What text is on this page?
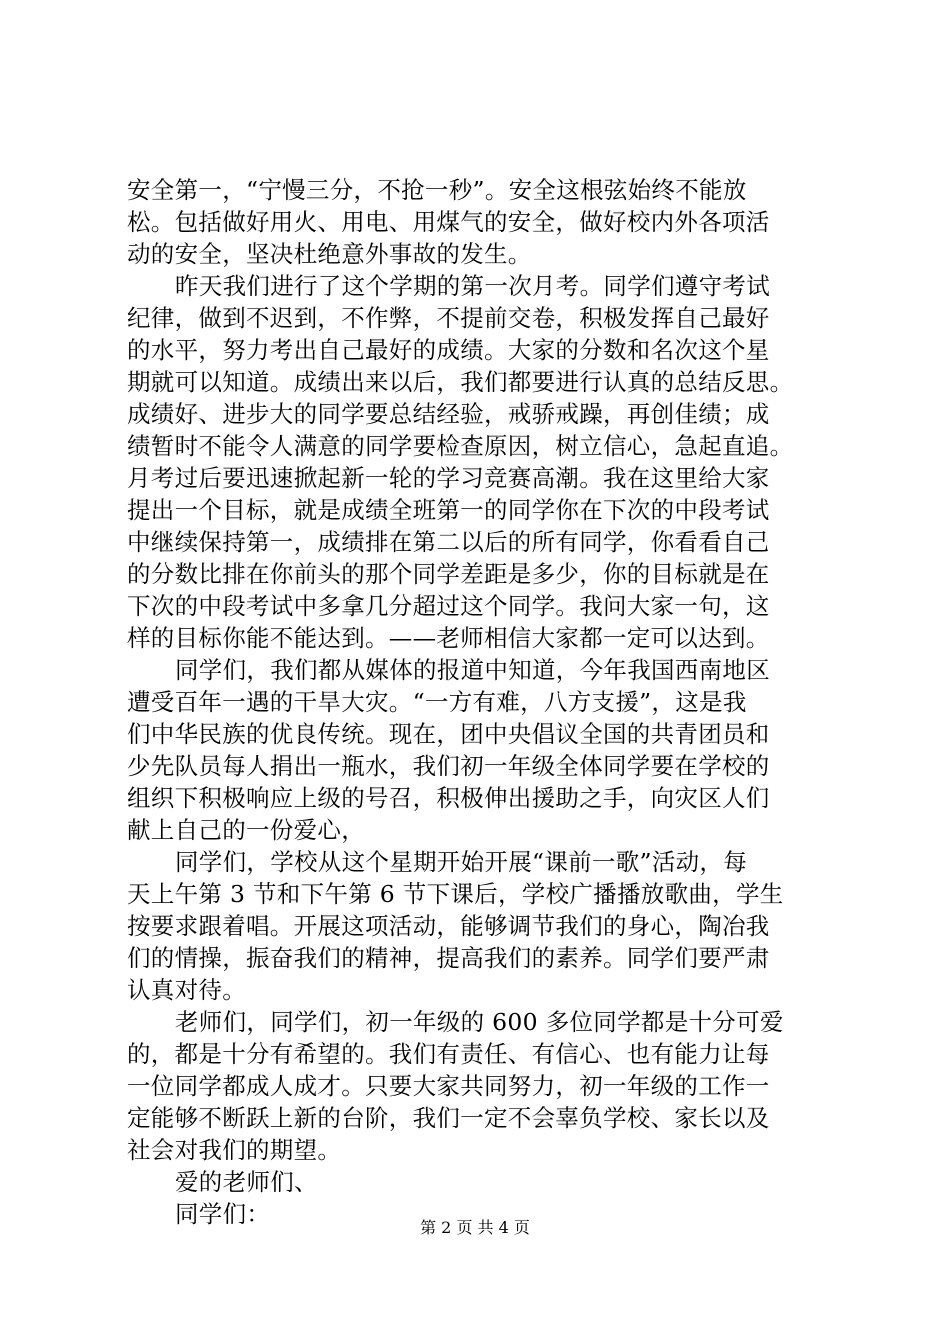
安全第一，“宁慢三分，不抢一秒”。安全这根弦始终不能放
松。包括做好用火、用电、用煤气的安全，做好校内外各项活
动的安全，坚决杜绝意外事故的发生。
昨天我们进行了这个学期的第一次月考。同学们遵守考试
纪律，做到不迟到，不作弊，不提前交卷，积极发挥自己最好
的水平，努力考出自己最好的成绩。大家的分数和名次这个星
期就可以知道。成绩出来以后，我们都要进行认真的总结反思。
成绩好、进步大的同学要总结经验，戒骄戒躁，再创佳绩；成
绩暂时不能令人满意的同学要检查原因，树立信心，急起直追。
月考过后要迅速掀起新一轮的学习竞赛高潮。我在这里给大家
提出一个目标，就是成绩全班第一的同学你在下次的中段考试
中继续保持第一，成绩排在第二以后的所有同学，你看看自己
的分数比排在你前头的那个同学差距是多少，你的目标就是在
下次的中段考试中多拿几分超过这个同学。我问大家一句，这
样的目标你能不能达到。——老师相信大家都一定可以达到。
同学们，我们都从媒体的报道中知道，今年我国西南地区
遭受百年一遇的干旱大灾。“一方有难，八方支援”，这是我
们中华民族的优良传统。现在，团中央倡议全国的共青团员和
少先队员每人捐出一瓶水，我们初一年级全体同学要在学校的
组织下积极响应上级的号召，积极伸出援助之手，向灾区人们
献上自己的一份爱心，
同学们，学校从这个星期开始开展“课前一歌”活动，每
天上午第 3 节和下午第 6 节下课后，学校广播播放歌曲，学生
按要求跟着唱。开展这项活动，能够调节我们的身心，陶冶我
们的情操，振奋我们的精神，提高我们的素养。同学们要严肃
认真对待。
老师们，同学们，初一年级的 600 多位同学都是十分可爱
的，都是十分有希望的。我们有责任、有信心、也有能力让每
一位同学都成人成才。只要大家共同努力，初一年级的工作一
定能够不断跃上新的台阶，我们一定不会辜负学校、家长以及
社会对我们的期望。
爱的老师们、
同学们：	第 2 页 共 4 页
